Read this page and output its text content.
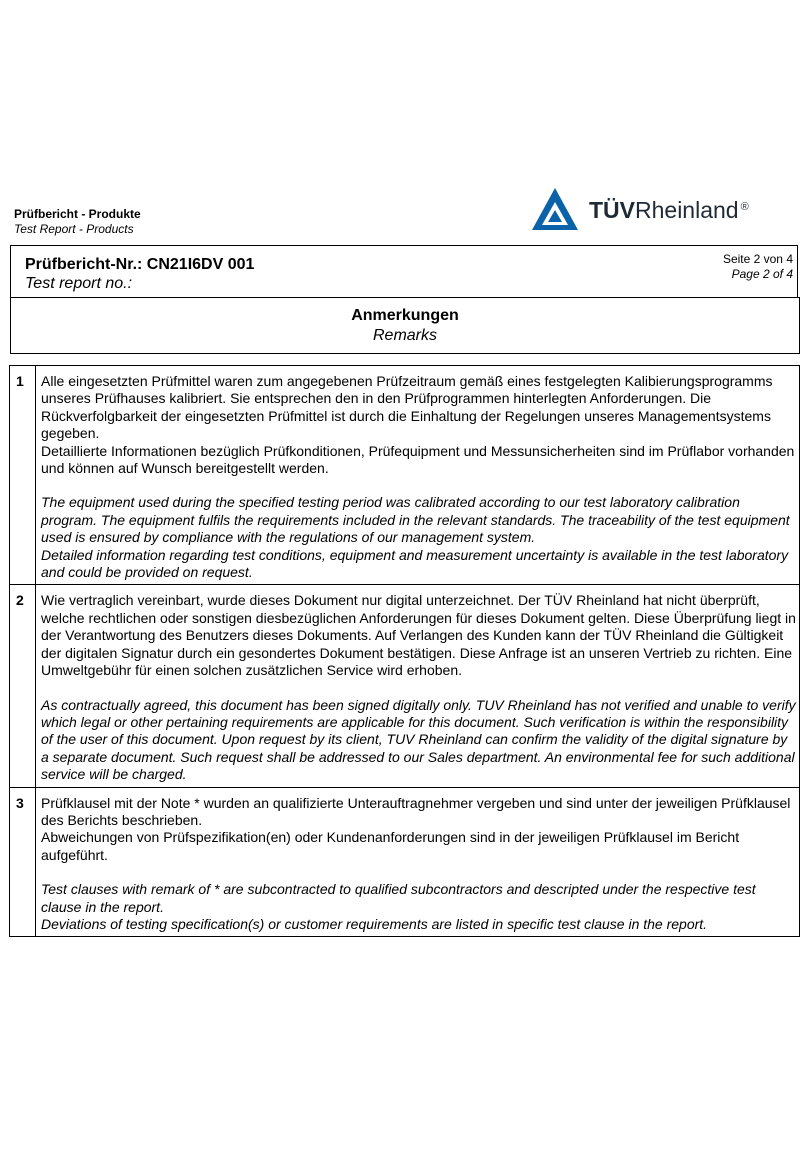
Prüfbericht - Produkte
Test Report - Products
TÜVRheinland ®
Prüfbericht-Nr.: CN21I6DV 001
Test report no.:
Seite 2 von 4
Page 2 of 4
Anmerkungen
Remarks
1	Alle eingesetzten Prüfmittel waren zum angegebenen Prüfzeitraum gemäß eines festgelegten Kalibierungsprogramms unseres Prüfhauses kalibriert. Sie entsprechen den in den Prüfprogrammen hinterlegten Anforderungen. Die Rückverfolgbarkeit der eingesetzten Prüfmittel ist durch die Einhaltung der Regelungen unseres Managementsystems gegeben.

Detaillierte Informationen bezüglich Prüfkonditionen, Prüfequipment und Messunsicherheiten sind im Prüflabor vorhanden und können auf Wunsch bereitgestellt werden.

The equipment used during the specified testing period was calibrated according to our test laboratory calibration program. The equipment fulfils the requirements included in the relevant standards. The traceability of the test equipment used is ensured by compliance with the regulations of our management system.

Detailed information regarding test conditions, equipment and measurement uncertainty is available in the test laboratory and could be provided on request.

2	Wie vertraglich vereinbart, wurde dieses Dokument nur digital unterzeichnet. Der TÜV Rheinland hat nicht überprüft, welche rechtlichen oder sonstigen diesbezüglichen Anforderungen für dieses Dokument gelten. Diese Überprüfung liegt in der Verantwortung des Benutzers dieses Dokuments. Auf Verlangen des Kunden kann der TÜV Rheinland die Gültigkeit der digitalen Signatur durch ein gesondertes Dokument bestätigen. Diese Anfrage ist an unseren Vertrieb zu richten. Eine Umweltgebühr für einen solchen zusätzlichen Service wird erhoben.

As contractually agreed, this document has been signed digitally only. TUV Rheinland has not verified and unable to verify which legal or other pertaining requirements are applicable for this document. Such verification is within the responsibility of the user of this document. Upon request by its client, TUV Rheinland can confirm the validity of the digital signature by a separate document. Such request shall be addressed to our Sales department. An environmental fee for such additional service will be charged.

3	Prüfklausel mit der Note * wurden an qualifizierte Unterauftragnehmer vergeben und sind unter der jeweiligen Prüfklausel des Berichts beschrieben.

Abweichungen von Prüfspezifikation(en) oder Kundenanforderungen sind in der jeweiligen Prüfklausel im Bericht aufgeführt.

Test clauses with remark of * are subcontracted to qualified subcontractors and descripted under the respective test clause in the report.

Deviations of testing specification(s) or customer requirements are listed in specific test clause in the report.
